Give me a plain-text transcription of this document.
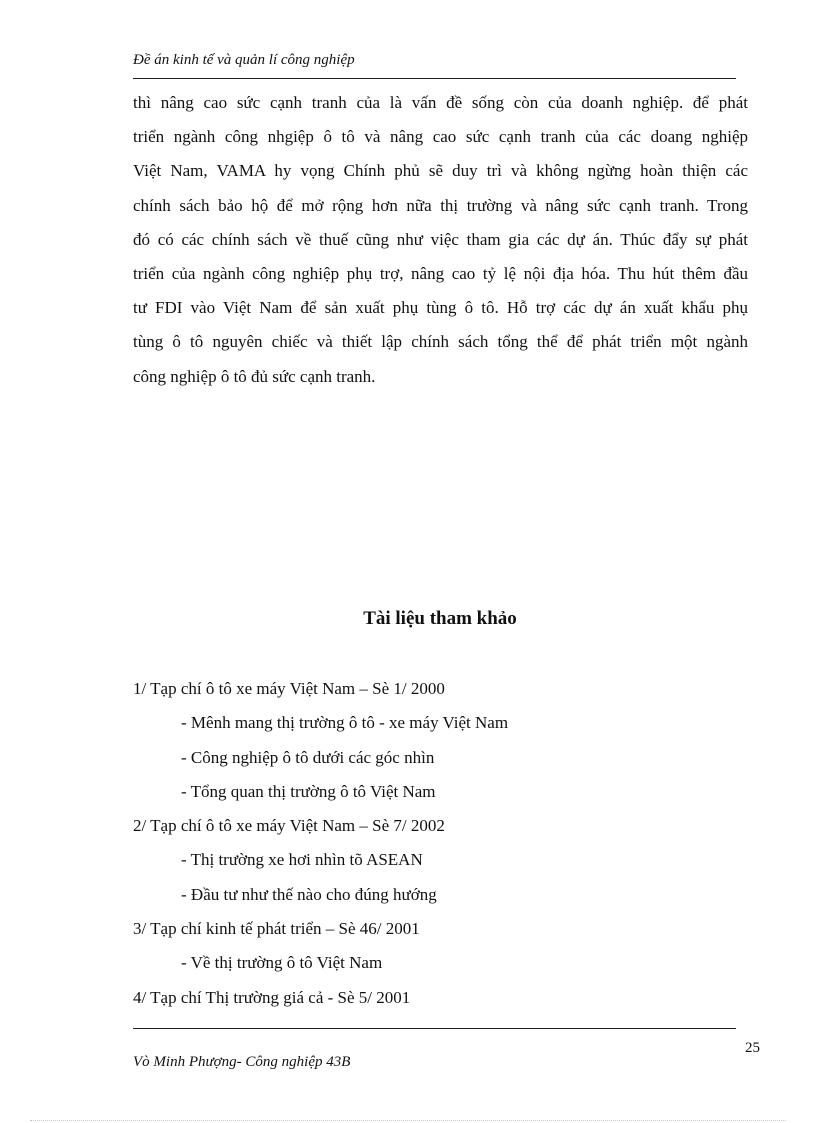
Đề án kinh tế và quản lí công nghiệp
thì nâng cao sức cạnh tranh của là vấn đề sống còn của doanh nghiệp. để phát
triển ngành công nhgiệp ô tô và nâng cao sức cạnh tranh của các doang nghiệp
Việt Nam, VAMA hy vọng Chính phủ sẽ duy trì và không ngừng hoàn thiện các
chính sách bảo hộ để mở rộng hơn nữa thị trường và nâng sức cạnh tranh. Trong
đó có các chính sách về thuế cũng như việc tham gia các dự án. Thúc đẩy sự phát
triển của ngành công nghiệp phụ trợ, nâng cao tỷ lệ nội địa hóa. Thu hút thêm đầu
tư FDI vào Việt Nam để sản xuất phụ tùng ô tô. Hỗ trợ các dự án xuất khẩu phụ
tùng ô tô nguyên chiếc và thiết lập chính sách tổng thể để phát triển một ngành
công nghiệp ô tô đủ sức cạnh tranh.
Tài liệu tham khảo
1/ Tạp chí ô tô xe máy Việt Nam – Sè 1/ 2000
- Mênh mang thị trường ô tô - xe máy Việt Nam
- Công nghiệp ô tô dưới các góc nhìn
- Tổng quan thị trường ô tô Việt Nam
2/ Tạp chí ô tô xe máy Việt Nam – Sè 7/ 2002
- Thị trường xe hơi nhìn tõ ASEAN
- Đầu tư như thế nào cho đúng hướng
3/ Tạp chí kinh tế phát triển – Sè 46/ 2001
- Về thị trường ô tô Việt Nam
4/ Tạp chí Thị trường giá cả - Sè 5/ 2001
25
Vò Minh Phượng- Công nghiệp 43B
